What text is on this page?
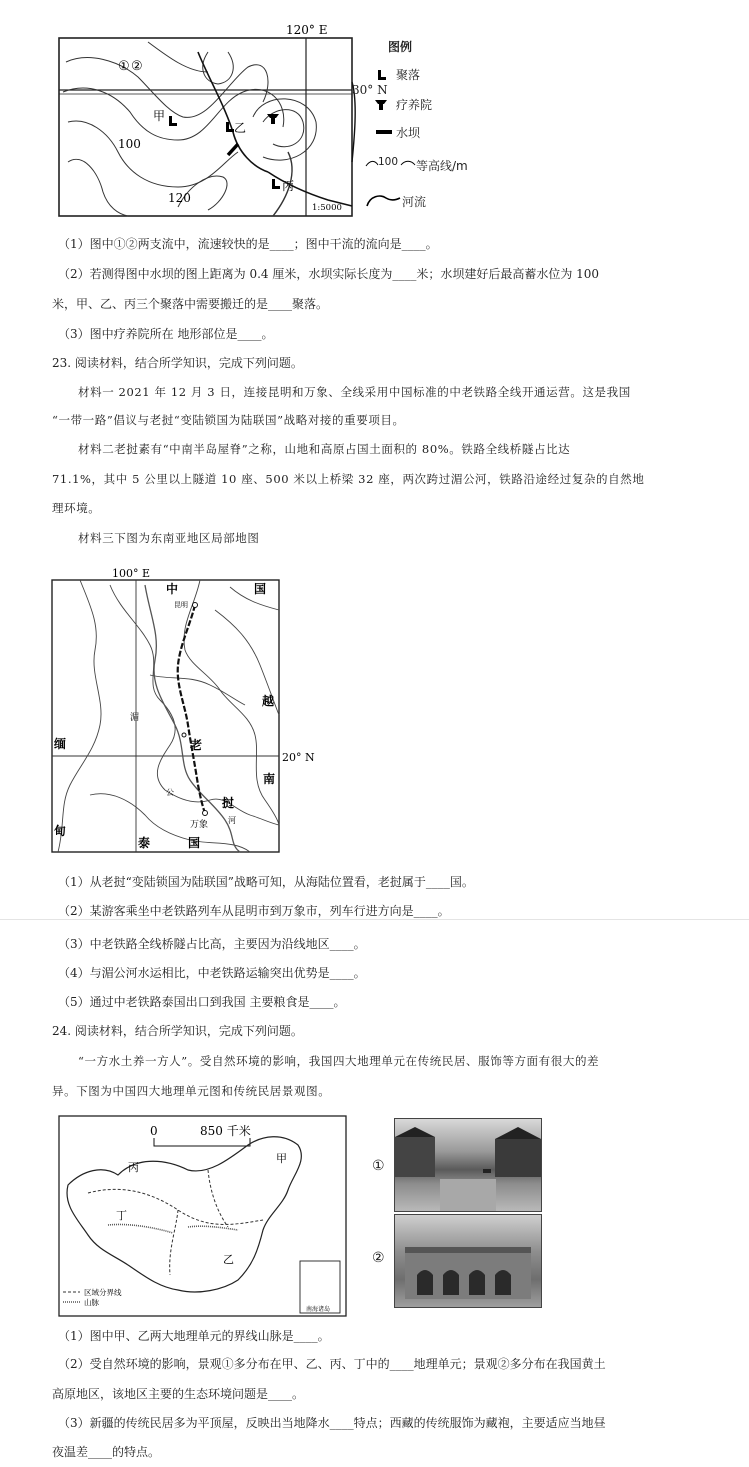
① ②
120° E
100
120
甲
乙
丙
1:5000
30° N
图例
聚落
疗养院
水坝
100 等高线/m
河流
（1）图中①②两支流中，流速较快的是____；图中干流的流向是____。
（2）若测得图中水坝的图上距离为 0.4 厘米，水坝实际长度为____米；水坝建好后最高蓄水位为 100
米，甲、乙、丙三个聚落中需要搬迁的是____聚落。
（3）图中疗养院所在 地形部位是____。
23. 阅读材料，结合所学知识，完成下列问题。
材料一 2021 年 12 月 3 日，连接昆明和万象、全线采用中国标准的中老铁路全线开通运营。这是我国
“一带一路”倡议与老挝“变陆锁国为陆联国”战略对接的重要项目。
材料二老挝素有“中南半岛屋脊”之称，山地和高原占国土面积的 80%。铁路全线桥隧占比达
71.1%，其中 5 公里以上隧道 10 座、500 米以上桥梁 32 座，两次跨过湄公河，铁路沿途经过复杂的自然地
理环境。
材料三下图为东南亚地区局部地图
100° E
20° N
中	国
昆明
越
南
缅
甸
老
挝
湄
公
河
万象
泰	国
（1）从老挝“变陆锁国为陆联国”战略可知，从海陆位置看，老挝属于____国。
（2）某游客乘坐中老铁路列车从昆明市到万象市，列车行进方向是____。
（3）中老铁路全线桥隧占比高，主要因为沿线地区____。
（4）与湄公河水运相比，中老铁路运输突出优势是____。
（5）通过中老铁路泰国出口到我国 主要粮食是____。
24. 阅读材料，结合所学知识，完成下列问题。
“一方水土养一方人”。受自然环境的影响，我国四大地理单元在传统民居、服饰等方面有很大的差
异。下图为中国四大地理单元图和传统民居景观图。
0	850 千米
区域分界线
山脉
南海诸岛
甲
乙
丙
丁
①
②
（1）图中甲、乙两大地理单元的界线山脉是____。
（2）受自然环境的影响，景观①多分布在甲、乙、丙、丁中的____地理单元；景观②多分布在我国黄土
高原地区，该地区主要的生态环境问题是____。
（3）新疆的传统民居多为平顶屋，反映出当地降水____特点；西藏的传统服饰为藏袍，主要适应当地昼
夜温差____的特点。
